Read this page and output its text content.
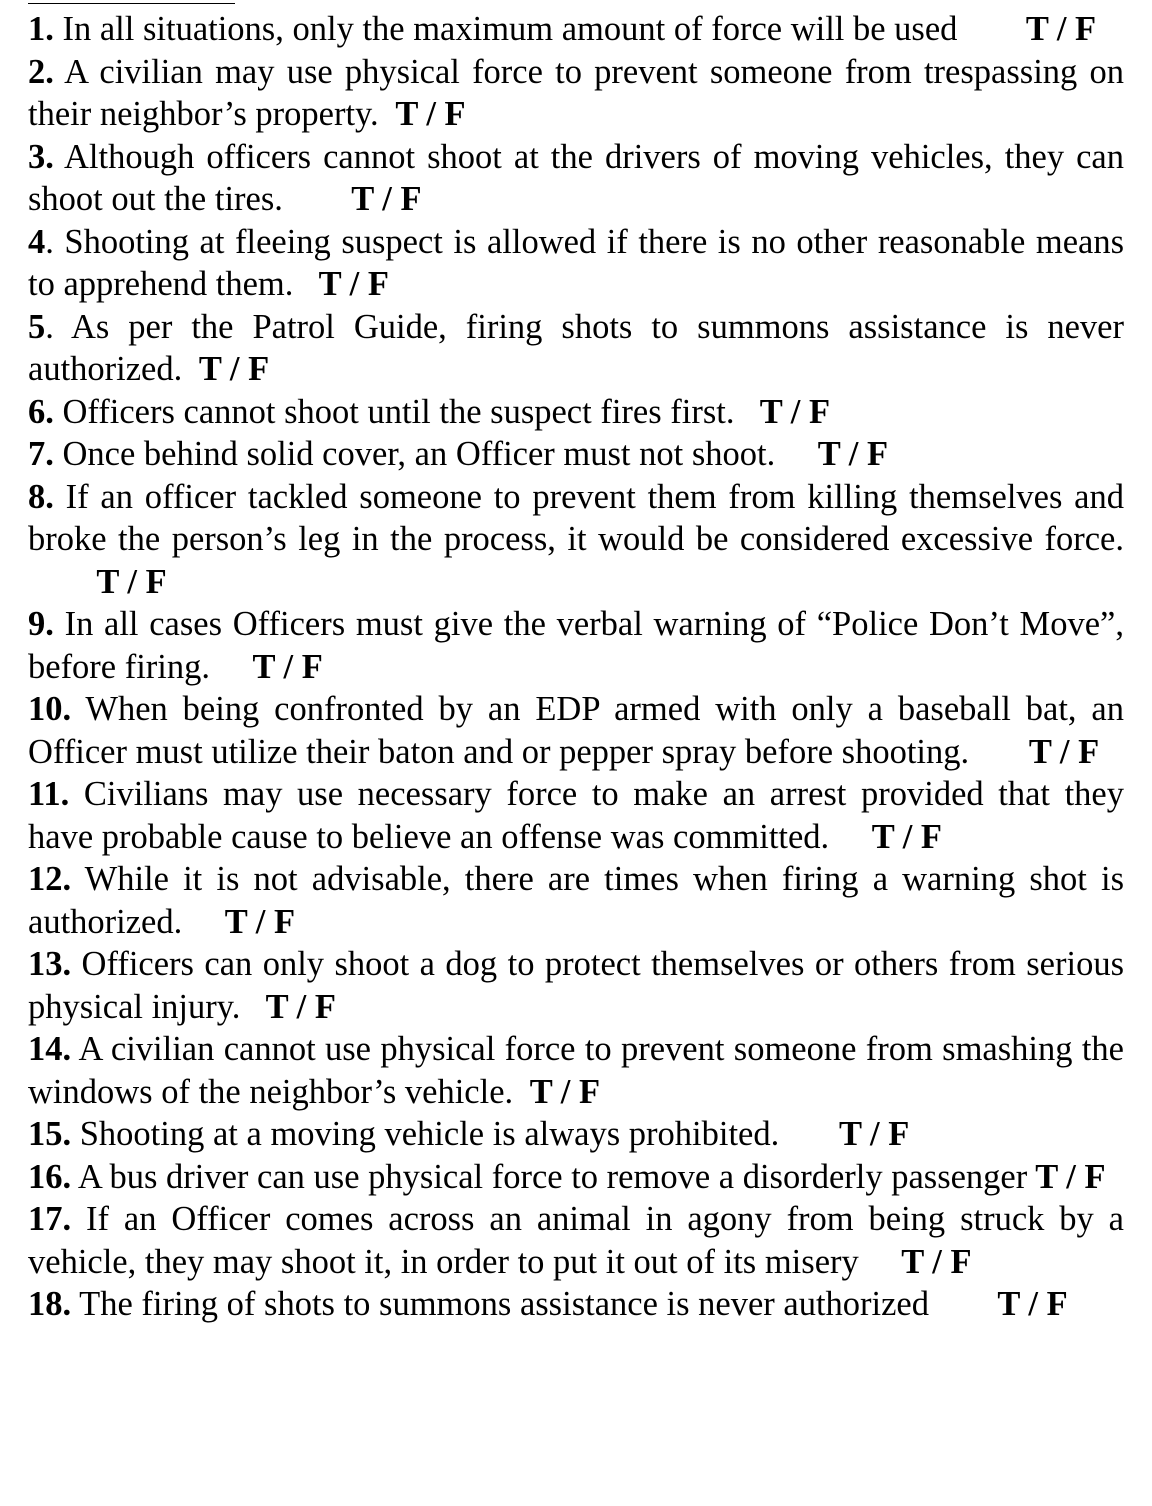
1. In all situations, only the maximum amount of force will be used T / F

2. A civilian may use physical force to prevent someone from trespassing on their neighbor’s property. T / F

3. Although officers cannot shoot at the drivers of moving vehicles, they can shoot out the tires. T / F

4. Shooting at fleeing suspect is allowed if there is no other reasonable means to apprehend them. T / F

5. As per the Patrol Guide, firing shots to summons assistance is never authorized. T / F

6. Officers cannot shoot until the suspect fires first. T / F

7. Once behind solid cover, an Officer must not shoot. T / F

8. If an officer tackled someone to prevent them from killing themselves and broke the person’s leg in the process, it would be considered excessive force.        T / F

9. In all cases Officers must give the verbal warning of “Police Don’t Move”, before firing. T / F

10. When being confronted by an EDP armed with only a baseball bat, an Officer must utilize their baton and or pepper spray before shooting. T / F

11. Civilians may use necessary force to make an arrest provided that they have probable cause to believe an offense was committed. T / F

12. While it is not advisable, there are times when firing a warning shot is authorized. T / F

13. Officers can only shoot a dog to protect themselves or others from serious physical injury. T / F

14. A civilian cannot use physical force to prevent someone from smashing the windows of the neighbor’s vehicle. T / F

15. Shooting at a moving vehicle is always prohibited. T / F

16. A bus driver can use physical force to remove a disorderly passenger T / F

17. If an Officer comes across an animal in agony from being struck by a vehicle, they may shoot it, in order to put it out of its misery T / F

18. The firing of shots to summons assistance is never authorized T / F
